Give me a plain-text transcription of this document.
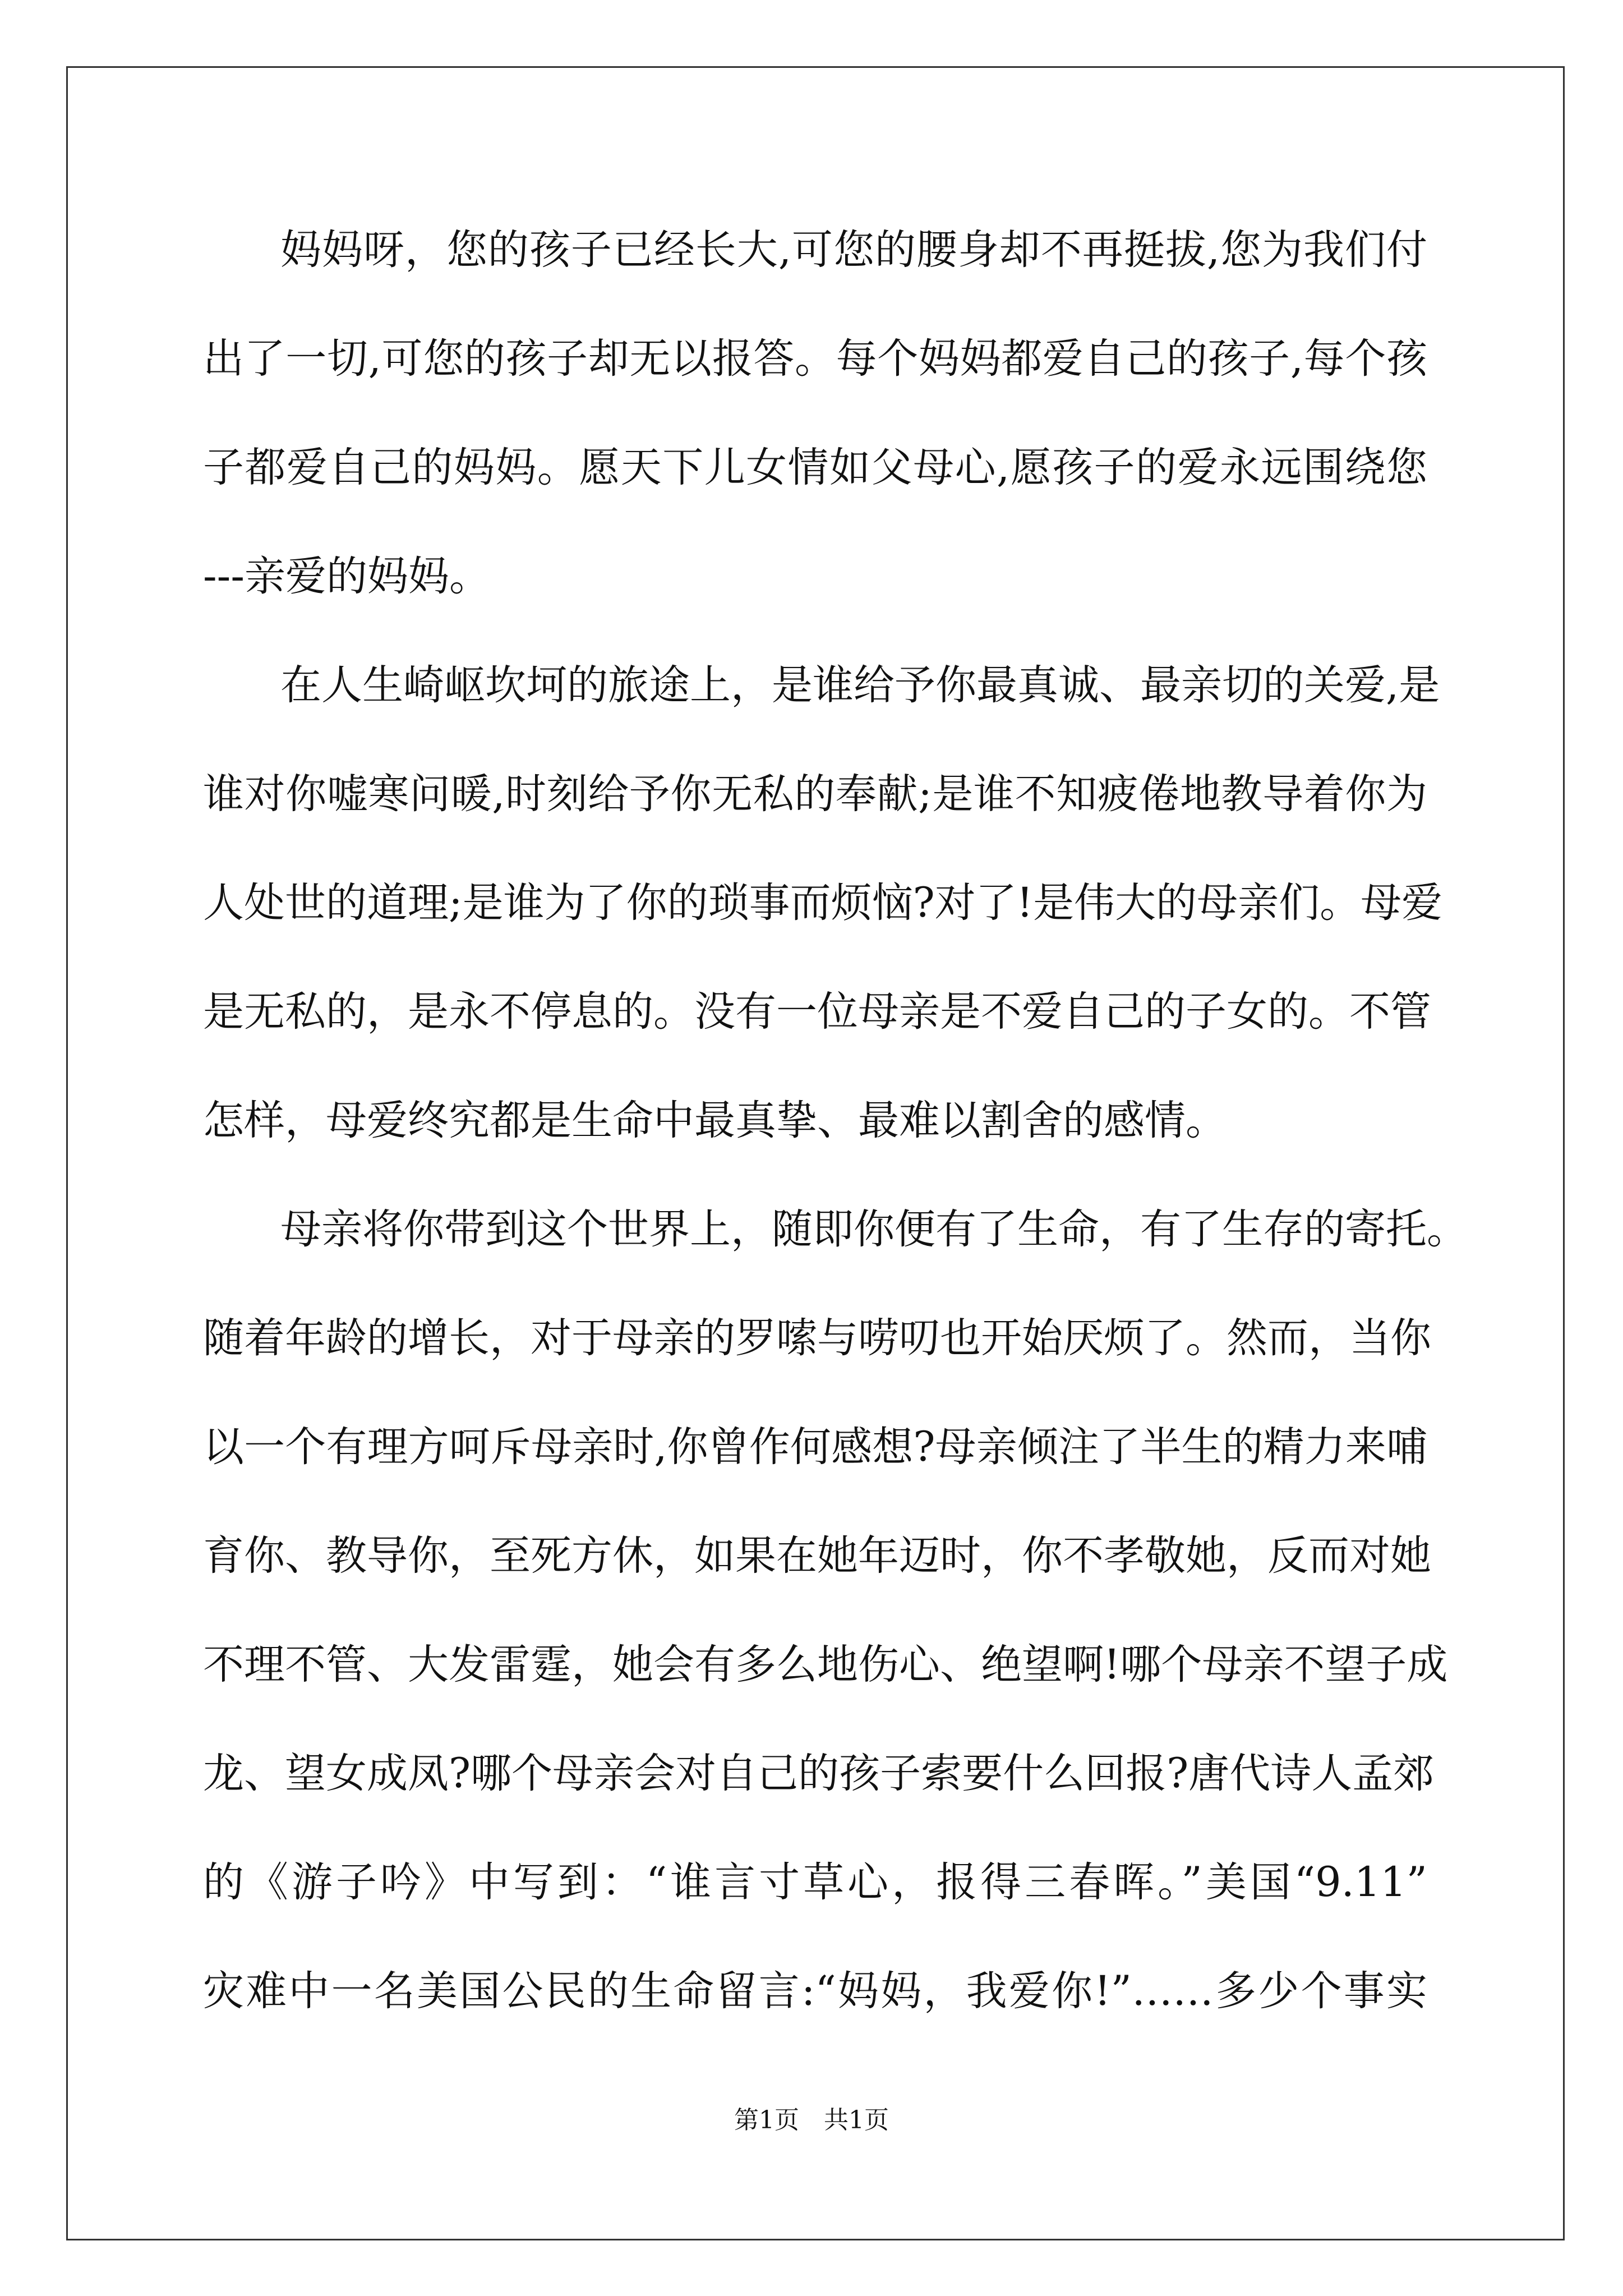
妈妈呀，您的孩子已经长大,可您的腰身却不再挺拔,您为我们付
出了一切,可您的孩子却无以报答。每个妈妈都爱自己的孩子,每个孩
子都爱自己的妈妈。愿天下儿女情如父母心,愿孩子的爱永远围绕您
---亲爱的妈妈。
在人生崎岖坎坷的旅途上，是谁给予你最真诚、最亲切的关爱,是
谁对你嘘寒问暖,时刻给予你无私的奉献;是谁不知疲倦地教导着你为
人处世的道理;是谁为了你的琐事而烦恼?对了!是伟大的母亲们。母爱
是无私的，是永不停息的。没有一位母亲是不爱自己的子女的。不管
怎样，母爱终究都是生命中最真挚、最难以割舍的感情。
母亲将你带到这个世界上，随即你便有了生命，有了生存的寄托。
随着年龄的增长，对于母亲的罗嗦与唠叨也开始厌烦了。然而，当你
以一个有理方呵斥母亲时,你曾作何感想?母亲倾注了半生的精力来哺
育你、教导你，至死方休，如果在她年迈时，你不孝敬她，反而对她
不理不管、大发雷霆，她会有多么地伤心、绝望啊!哪个母亲不望子成
龙、望女成凤?哪个母亲会对自己的孩子索要什么回报?唐代诗人孟郊
的《游子吟》中写到：“谁言寸草心，报得三春晖。”美国“9.11”
灾难中一名美国公民的生命留言:“妈妈，我爱你!”……多少个事实
第1页　共1页
